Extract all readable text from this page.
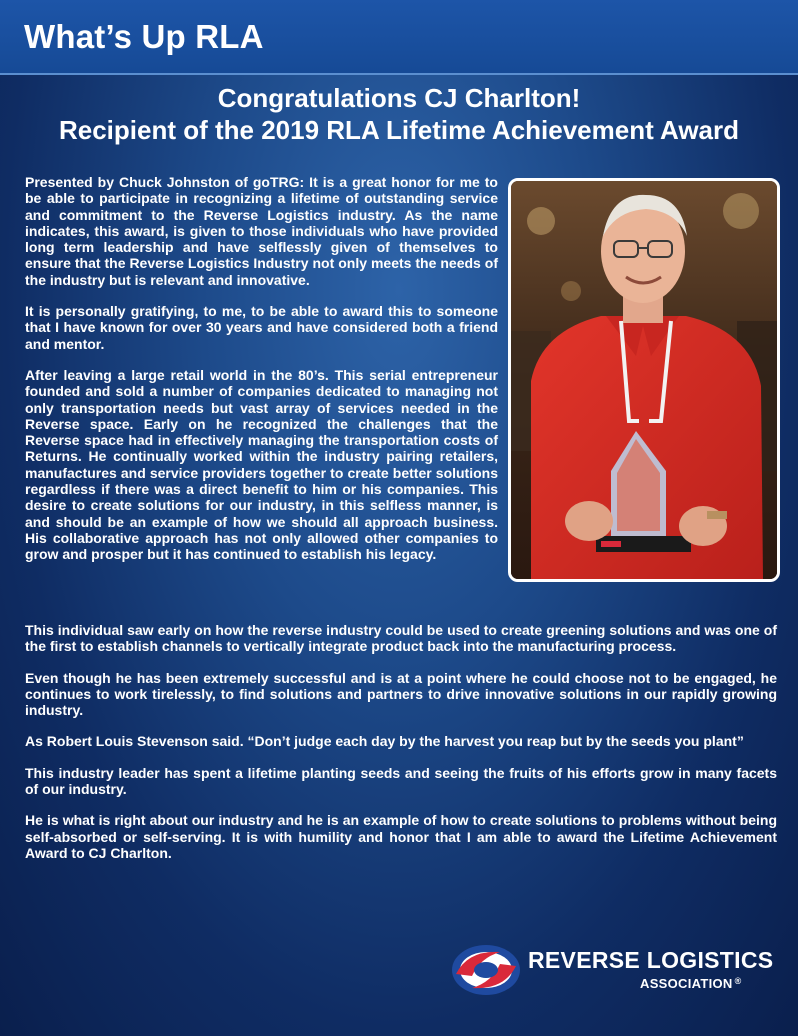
What’s Up RLA
Congratulations CJ Charlton!
Recipient of the 2019 RLA Lifetime Achievement Award

Presented by Chuck Johnston of goTRG: It is a great honor for me to be able to participate in recognizing a lifetime of outstanding service and commitment to the Reverse Logistics industry. As the name indicates, this award, is given to those individuals who have provided long term leadership and have selflessly given of themselves to ensure that the Reverse Logistics Industry not only meets the needs of the industry but is relevant and innovative.

It is personally gratifying, to me, to be able to award this to someone that I have known for over 30 years and have considered both a friend and mentor.

After leaving a large retail world in the 80’s. This serial entrepreneur founded and sold a number of companies dedicated to managing not only transportation needs but vast array of services needed in the Reverse space. Early on he recognized the challenges that the Reverse space had in effectively managing the transportation costs of Returns. He continually worked within the industry pairing retailers, manufactures and service providers together to create better solutions regardless if there was a direct benefit to him or his companies. This desire to create solutions for our industry, in this selfless manner, is and should be an example of how we should all approach business. His collaborative approach has not only allowed other companies to grow and prosper but it has continued to establish his legacy.

This individual saw early on how the reverse industry could be used to create greening solutions and was one of the first to establish channels to vertically integrate product back into the manufacturing process.

Even though he has been extremely successful and is at a point where he could choose not to be engaged, he continues to work tirelessly, to find solutions and partners to drive innovative solutions in our rapidly growing industry.

As Robert Louis Stevenson said. “Don’t judge each day by the harvest you reap but by the seeds you plant”

This industry leader has spent a lifetime planting seeds and seeing the fruits of his efforts grow in many facets of our industry.

He is what is right about our industry and he is an example of how to create solutions to problems without being self-absorbed or self-serving. It is with humility and honor that I am able to award the Lifetime Achievement Award to CJ Charlton.

REVERSE LOGISTICS
ASSOCIATION ®
